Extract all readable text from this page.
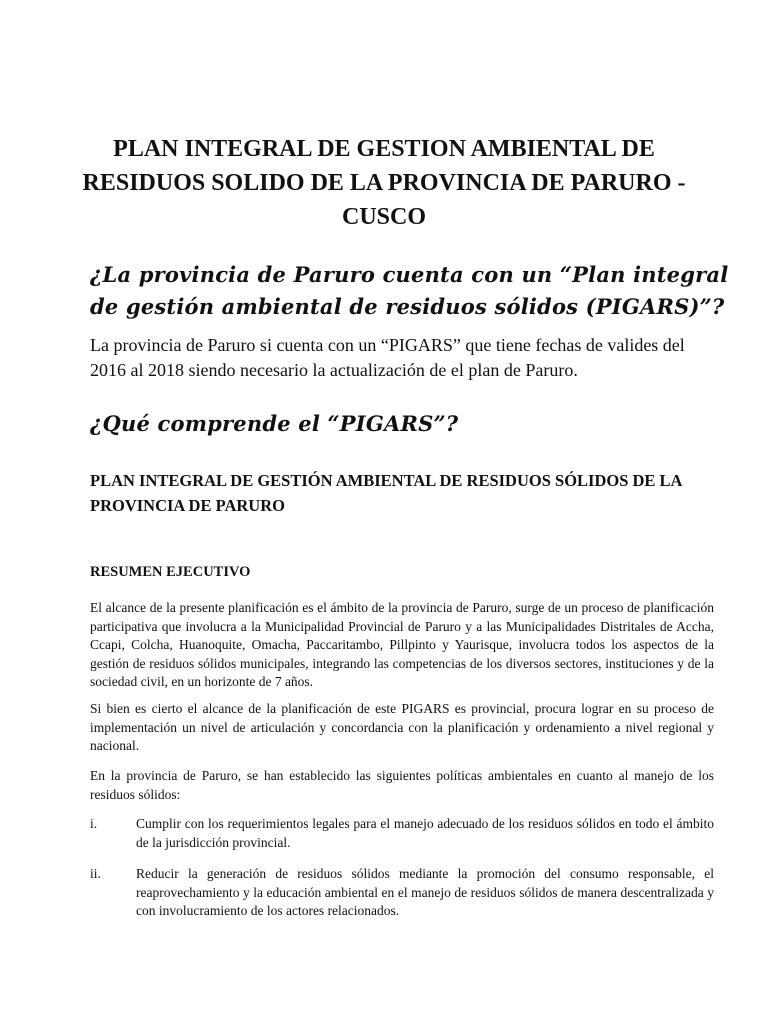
PLAN INTEGRAL DE GESTION AMBIENTAL DE RESIDUOS SOLIDO DE LA PROVINCIA DE PARURO - CUSCO
¿La provincia de Paruro cuenta con un “Plan integral de gestión ambiental de residuos sólidos (PIGARS)”?

La provincia de Paruro si cuenta con un “PIGARS” que tiene fechas de valides del 2016 al 2018 siendo necesario la actualización de el plan de Paruro.

¿Qué comprende el “PIGARS”?
PLAN INTEGRAL DE GESTIÓN AMBIENTAL DE RESIDUOS SÓLIDOS DE LA PROVINCIA DE PARURO
RESUMEN EJECUTIVO

El alcance de la presente planificación es el ámbito de la provincia de Paruro, surge de un proceso de planificación participativa que involucra a la Municipalidad Provincial de Paruro y a las Municipalidades Distritales de Accha, Ccapi, Colcha, Huanoquite, Omacha, Paccaritambo, Pillpinto y Yaurisque, involucra todos los aspectos de la gestión de residuos sólidos municipales, integrando las competencias de los diversos sectores, instituciones y de la sociedad civil, en un horizonte de 7 años.

Si bien es cierto el alcance de la planificación de este PIGARS es provincial, procura lograr en su proceso de implementación un nivel de articulación y concordancia con la planificación y ordenamiento a nivel regional y nacional.

En la provincia de Paruro, se han establecido las siguientes políticas ambientales en cuanto al manejo de los residuos sólidos:

i.	Cumplir con los requerimientos legales para el manejo adecuado de los residuos sólidos en todo el ámbito de la jurisdicción provincial.
ii.	Reducir la generación de residuos sólidos mediante la promoción del consumo responsable, el reaprovechamiento y la educación ambiental en el manejo de residuos sólidos de manera descentralizada y con involucramiento de los actores relacionados.
